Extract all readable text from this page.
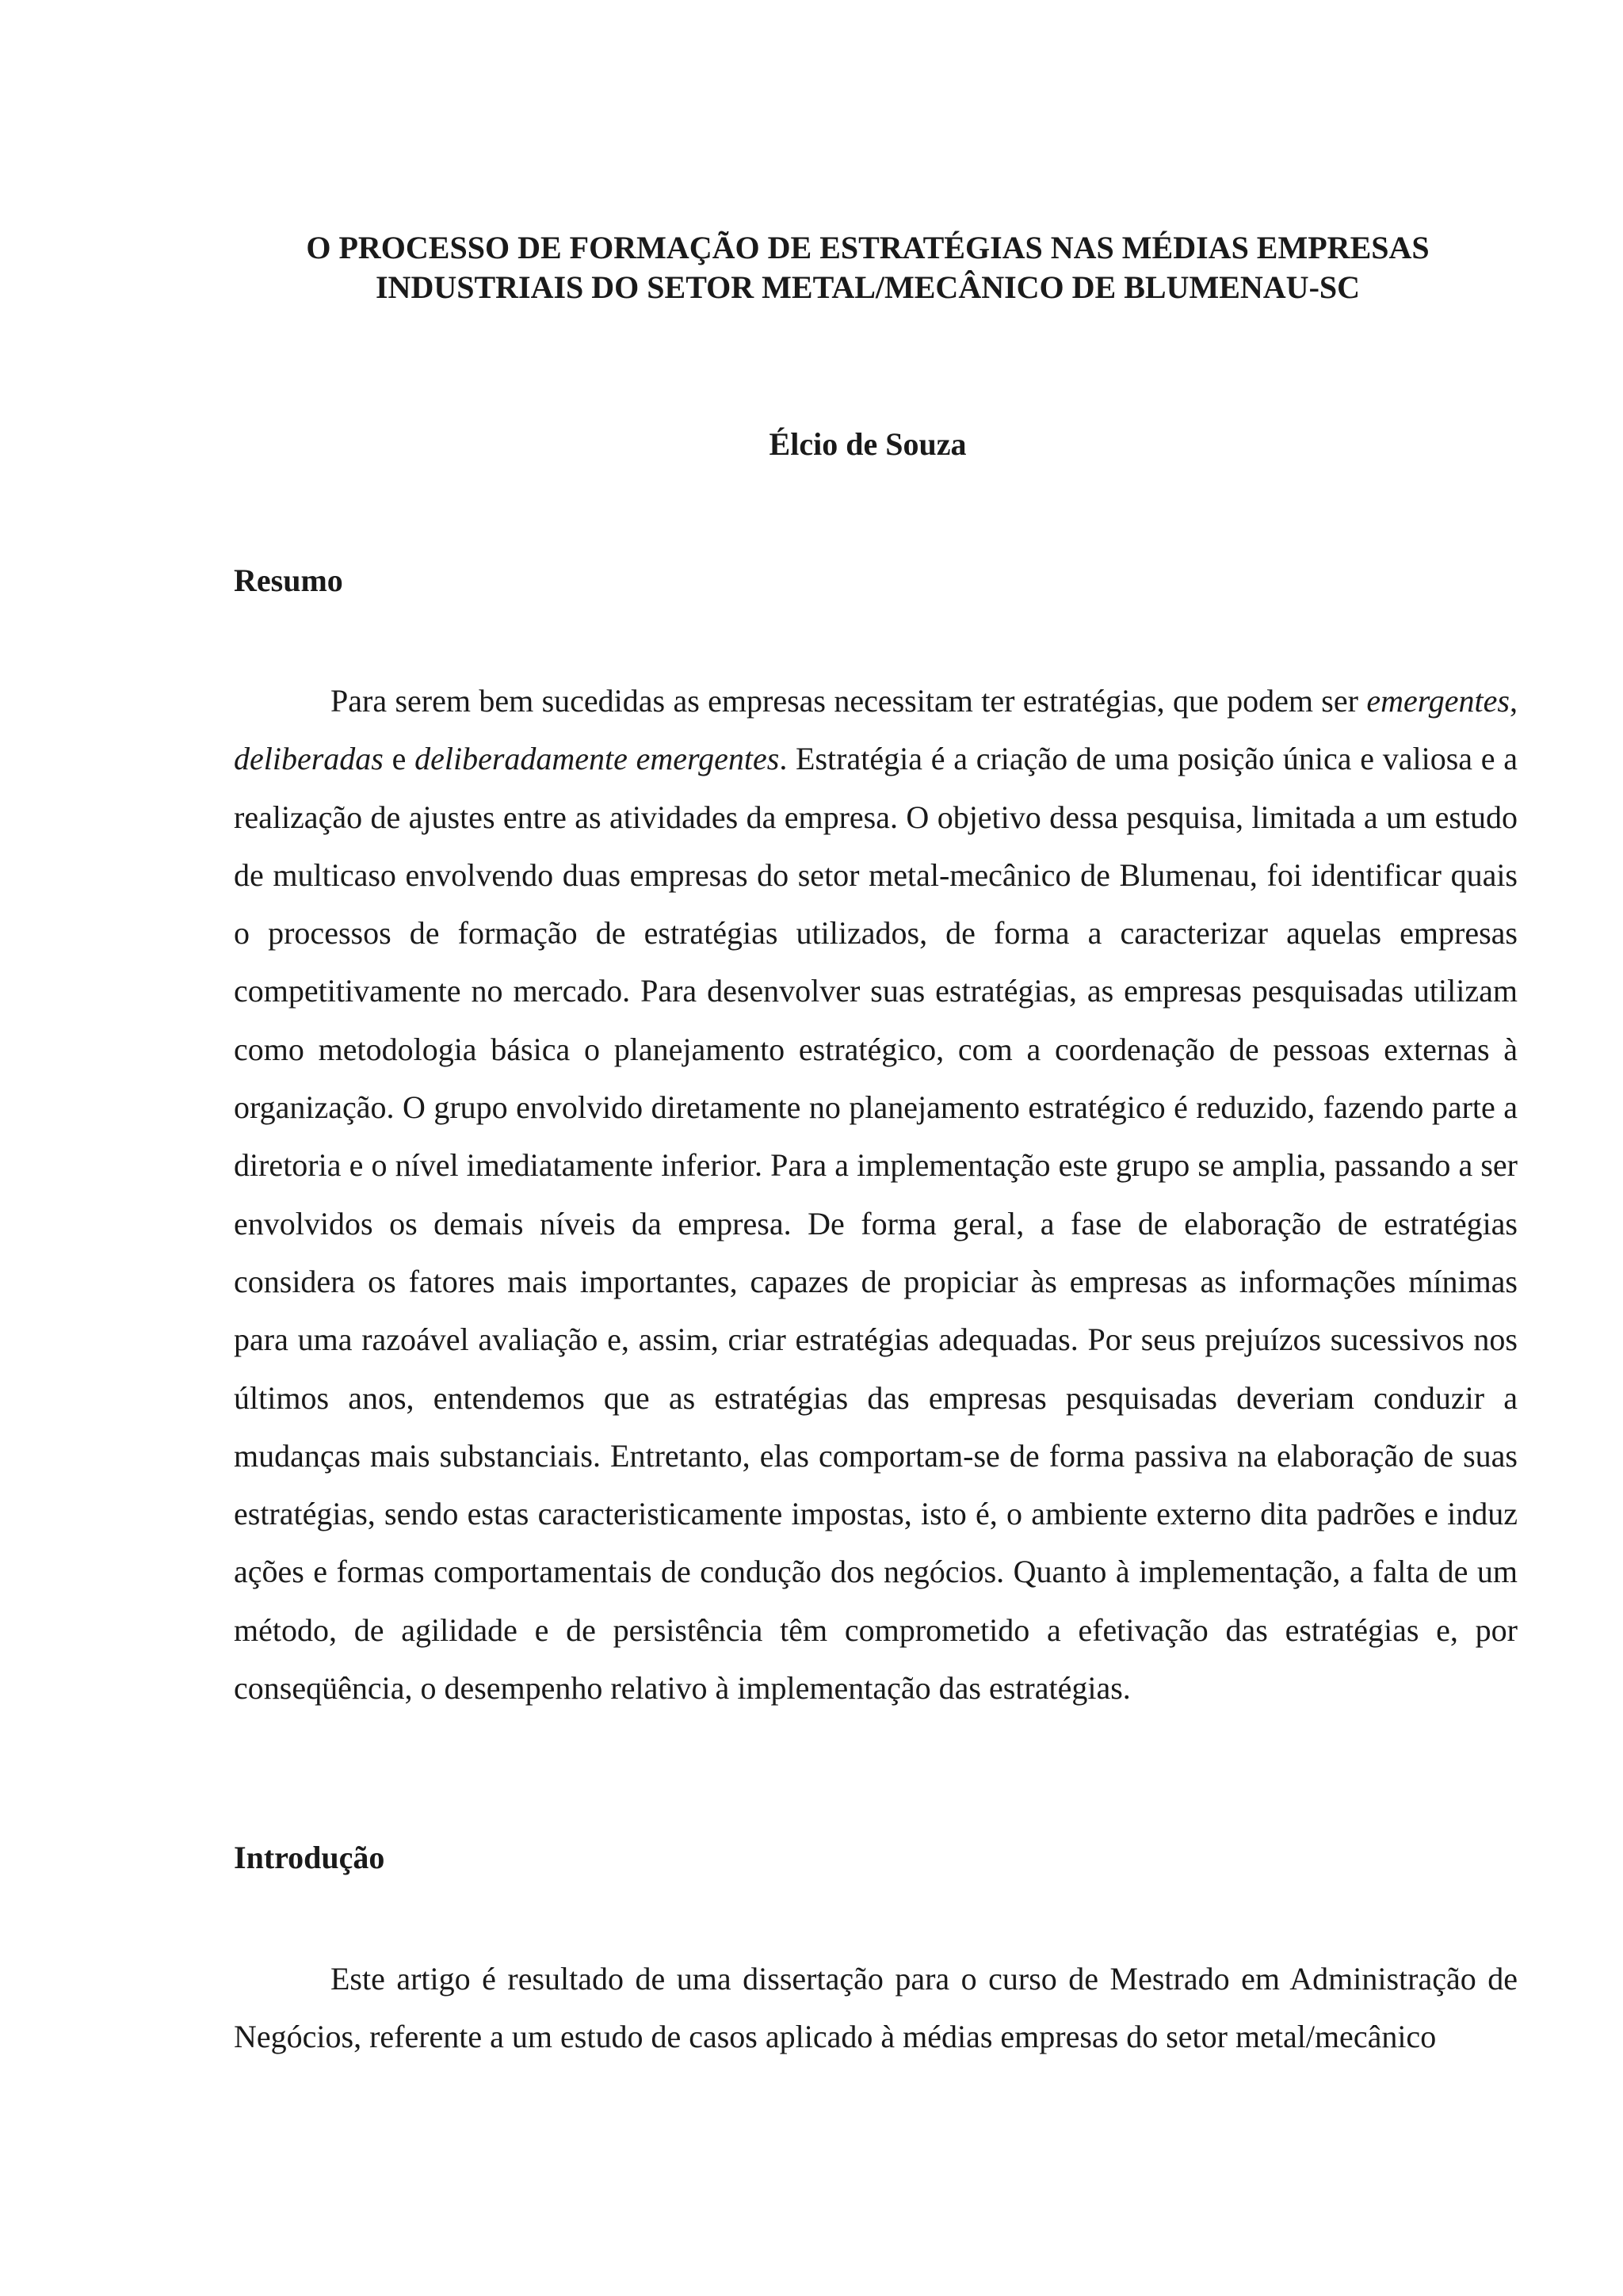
O PROCESSO DE FORMAÇÃO DE ESTRATÉGIAS NAS MÉDIAS EMPRESAS
INDUSTRIAIS DO SETOR METAL/MECÂNICO DE BLUMENAU-SC
Élcio de Souza
Resumo

Para serem bem sucedidas as empresas necessitam ter estratégias, que podem ser emergentes, deliberadas e deliberadamente emergentes. Estratégia é a criação de uma posição única e valiosa e a realização de ajustes entre as atividades da empresa. O objetivo dessa pesquisa, limitada a um estudo de multicaso envolvendo duas empresas do setor metal-mecânico de Blumenau, foi identificar quais o processos de formação de estratégias utilizados, de forma a caracterizar aquelas empresas competitivamente no mercado. Para desenvolver suas estratégias, as empresas pesquisadas utilizam como metodologia básica o planejamento estratégico, com a coordenação de pessoas externas à organização. O grupo envolvido diretamente no planejamento estratégico é reduzido, fazendo parte a diretoria e o nível imediatamente inferior. Para a implementação este grupo se amplia, passando a ser envolvidos os demais níveis da empresa. De forma geral, a fase de elaboração de estratégias considera os fatores mais importantes, capazes de propiciar às empresas as informações mínimas para uma razoável avaliação e, assim, criar estratégias adequadas. Por seus prejuízos sucessivos nos últimos anos, entendemos que as estratégias das empresas pesquisadas deveriam conduzir a mudanças mais substanciais. Entretanto, elas comportam-se de forma passiva na elaboração de suas estratégias, sendo estas caracteristicamente impostas, isto é, o ambiente externo dita padrões e induz ações e formas comportamentais de condução dos negócios. Quanto à implementação, a falta de um método, de agilidade e de persistência têm comprometido a efetivação das estratégias e, por conseqüência, o desempenho relativo à implementação das estratégias.

Introdução

Este artigo é resultado de uma dissertação para o curso de Mestrado em Administração de Negócios, referente a um estudo de casos aplicado à médias empresas do setor metal/mecânico
